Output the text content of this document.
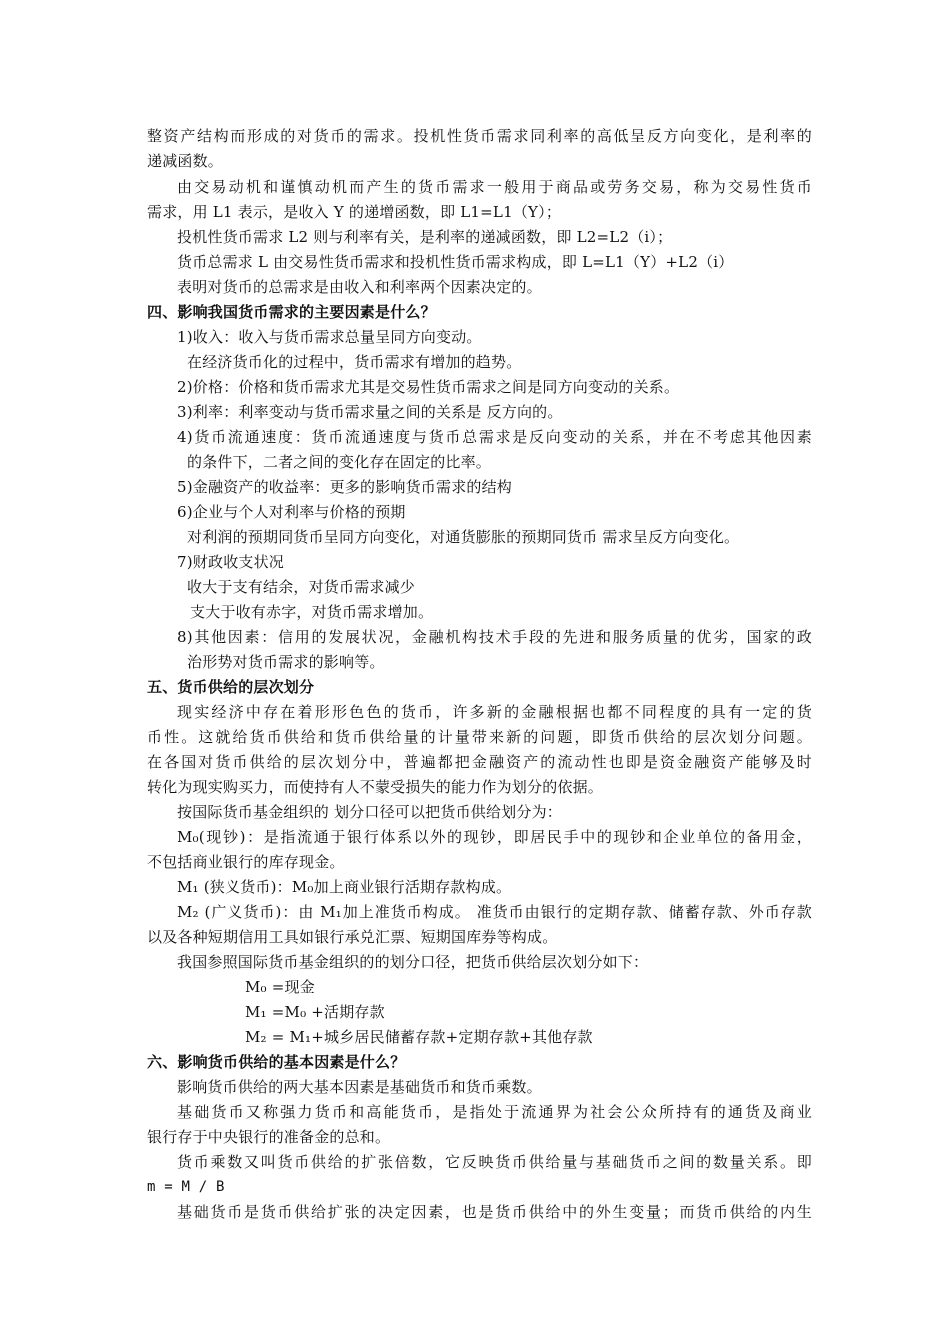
整资产结构而形成的对货币的需求。投机性货币需求同利率的高低呈反方向变化，是利率的
递减函数。
由交易动机和谨慎动机而产生的货币需求一般用于商品或劳务交易，称为交易性货币
需求，用 L1 表示，是收入 Y 的递增函数，即 L1=L1（Y）；
投机性货币需求 L2 则与利率有关，是利率的递减函数，即 L2=L2（i）；
货币总需求 L 由交易性货币需求和投机性货币需求构成，即 L=L1（Y）+L2（i）
表明对货币的总需求是由收入和利率两个因素决定的。
四、影响我国货币需求的主要因素是什么？
1)收入：收入与货币需求总量呈同方向变动。
在经济货币化的过程中，货币需求有增加的趋势。
2)价格：价格和货币需求尤其是交易性货币需求之间是同方向变动的关系。
3)利率：利率变动与货币需求量之间的关系是 反方向的。
4)货币流通速度：货币流通速度与货币总需求是反向变动的关系，并在不考虑其他因素
的条件下，二者之间的变化存在固定的比率。
5)金融资产的收益率：更多的影响货币需求的结构
6)企业与个人对利率与价格的预期
对利润的预期同货币呈同方向变化，对通货膨胀的预期同货币 需求呈反方向变化。
7)财政收支状况
收大于支有结余，对货币需求减少
支大于收有赤字，对货币需求增加。
8)其他因素：信用的发展状况，金融机构技术手段的先进和服务质量的优劣，国家的政
治形势对货币需求的影响等。
五、货币供给的层次划分
现实经济中存在着形形色色的货币，许多新的金融根据也都不同程度的具有一定的货
币性。这就给货币供给和货币供给量的计量带来新的问题，即货币供给的层次划分问题。
在各国对货币供给的层次划分中，普遍都把金融资产的流动性也即是资金融资产能够及时
转化为现实购买力，而使持有人不蒙受损失的能力作为划分的依据。
按国际货币基金组织的 划分口径可以把货币供给划分为：
M₀(现钞)：是指流通于银行体系以外的现钞，即居民手中的现钞和企业单位的备用金，
不包括商业银行的库存现金。
M₁ (狭义货币)：M₀加上商业银行活期存款构成。
M₂ (广义货币)：由 M₁加上准货币构成。 准货币由银行的定期存款、储蓄存款、外币存款
以及各种短期信用工具如银行承兑汇票、短期国库券等构成。
我国参照国际货币基金组织的的划分口径，把货币供给层次划分如下：
M₀ =现金
M₁ =M₀ +活期存款
M₂ = M₁+城乡居民储蓄存款+定期存款+其他存款
六、影响货币供给的基本因素是什么？
影响货币供给的两大基本因素是基础货币和货币乘数。
基础货币又称强力货币和高能货币，是指处于流通界为社会公众所持有的通货及商业
银行存于中央银行的准备金的总和。
货币乘数又叫货币供给的扩张倍数，它反映货币供给量与基础货币之间的数量关系。即
m = M / B
基础货币是货币供给扩张的决定因素，也是货币供给中的外生变量；而货币供给的内生
